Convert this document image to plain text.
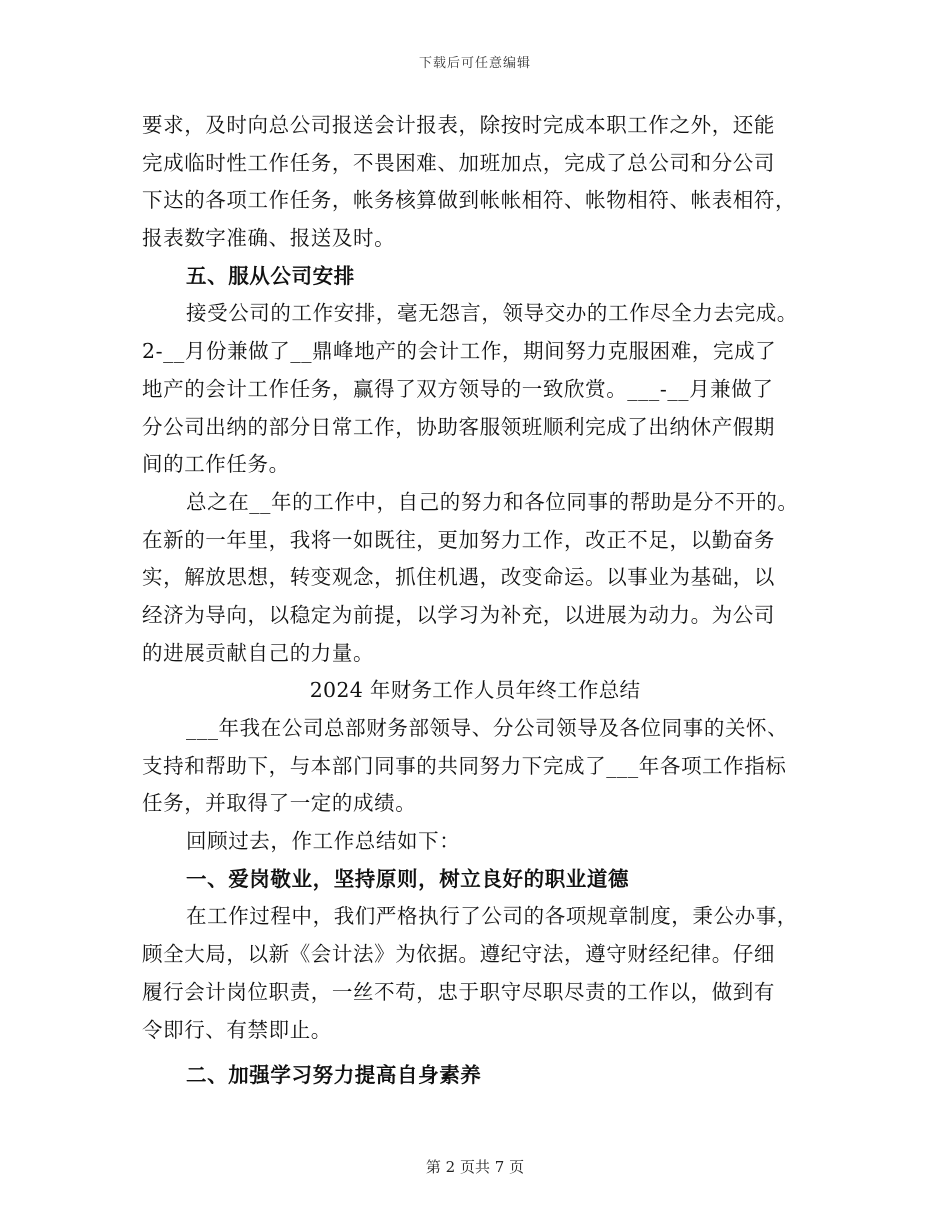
下载后可任意编辑
要求，及时向总公司报送会计报表，除按时完成本职工作之外，还能
完成临时性工作任务，不畏困难、加班加点，完成了总公司和分公司
下达的各项工作任务，帐务核算做到帐帐相符、帐物相符、帐表相符，
报表数字准确、报送及时。
五、服从公司安排
接受公司的工作安排，毫无怨言，领导交办的工作尽全力去完成。
2-__月份兼做了__鼎峰地产的会计工作，期间努力克服困难，完成了
地产的会计工作任务，赢得了双方领导的一致欣赏。___-__月兼做了
分公司出纳的部分日常工作，协助客服领班顺利完成了出纳休产假期
间的工作任务。
总之在__年的工作中，自己的努力和各位同事的帮助是分不开的。
在新的一年里，我将一如既往，更加努力工作，改正不足，以勤奋务
实，解放思想，转变观念，抓住机遇，改变命运。以事业为基础，以
经济为导向，以稳定为前提，以学习为补充，以进展为动力。为公司
的进展贡献自己的力量。
2024 年财务工作人员年终工作总结
___年我在公司总部财务部领导、分公司领导及各位同事的关怀、
支持和帮助下，与本部门同事的共同努力下完成了___年各项工作指标
任务，并取得了一定的成绩。
回顾过去，作工作总结如下：
一、爱岗敬业，坚持原则，树立良好的职业道德
在工作过程中，我们严格执行了公司的各项规章制度，秉公办事，
顾全大局，以新《会计法》为依据。遵纪守法，遵守财经纪律。仔细
履行会计岗位职责，一丝不苟，忠于职守尽职尽责的工作以，做到有
令即行、有禁即止。
二、加强学习努力提高自身素养
第 2 页共 7 页
